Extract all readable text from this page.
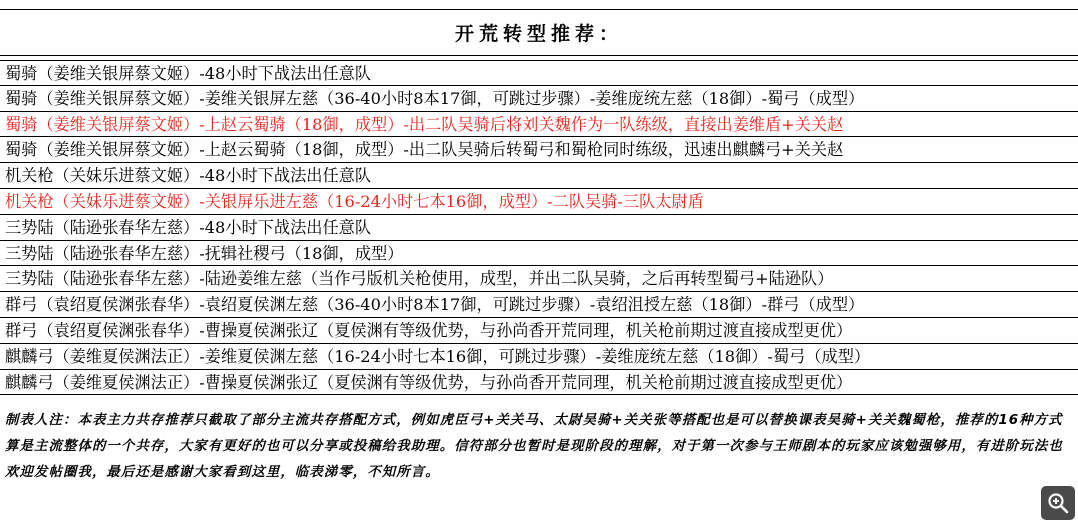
开荒转型推荐：
蜀骑（姜维关银屏蔡文姬）-48小时下战法出任意队
蜀骑（姜维关银屏蔡文姬）-姜维关银屏左慈（36-40小时8本17御，可跳过步骤）-姜维庞统左慈（18御）-蜀弓（成型）
蜀骑（姜维关银屏蔡文姬）-上赵云蜀骑（18御，成型）-出二队吴骑后将刘关魏作为一队练级，直接出姜维盾+关关赵
蜀骑（姜维关银屏蔡文姬）-上赵云蜀骑（18御，成型）-出二队吴骑后转蜀弓和蜀枪同时练级，迅速出麒麟弓+关关赵
机关枪（关妹乐进蔡文姬）-48小时下战法出任意队
机关枪（关妹乐进蔡文姬）-关银屏乐进左慈（16-24小时七本16御，成型）-二队吴骑-三队太尉盾
三势陆（陆逊张春华左慈）-48小时下战法出任意队
三势陆（陆逊张春华左慈）-抚辑社稷弓（18御，成型）
三势陆（陆逊张春华左慈）-陆逊姜维左慈（当作弓版机关枪使用，成型，并出二队吴骑，之后再转型蜀弓+陆逊队）
群弓（袁绍夏侯渊张春华）-袁绍夏侯渊左慈（36-40小时8本17御，可跳过步骤）-袁绍沮授左慈（18御）-群弓（成型）
群弓（袁绍夏侯渊张春华）-曹操夏侯渊张辽（夏侯渊有等级优势，与孙尚香开荒同理，机关枪前期过渡直接成型更优）
麒麟弓（姜维夏侯渊法正）-姜维夏侯渊左慈（16-24小时七本16御，可跳过步骤）-姜维庞统左慈（18御）-蜀弓（成型）
麒麟弓（姜维夏侯渊法正）-曹操夏侯渊张辽（夏侯渊有等级优势，与孙尚香开荒同理，机关枪前期过渡直接成型更优）
制表人注：本表主力共存推荐只截取了部分主流共存搭配方式，例如虎臣弓+关关马、太尉吴骑+关关张等搭配也是可以替换课表吴骑+关关魏蜀枪，推荐的16种方式算是主流整体的一个共存，大家有更好的也可以分享或投稿给我助理。信符部分也暂时是现阶段的理解，对于第一次参与王师剧本的玩家应该勉强够用，有进阶玩法也欢迎发帖圈我，最后还是感谢大家看到这里，临表涕零，不知所言。
